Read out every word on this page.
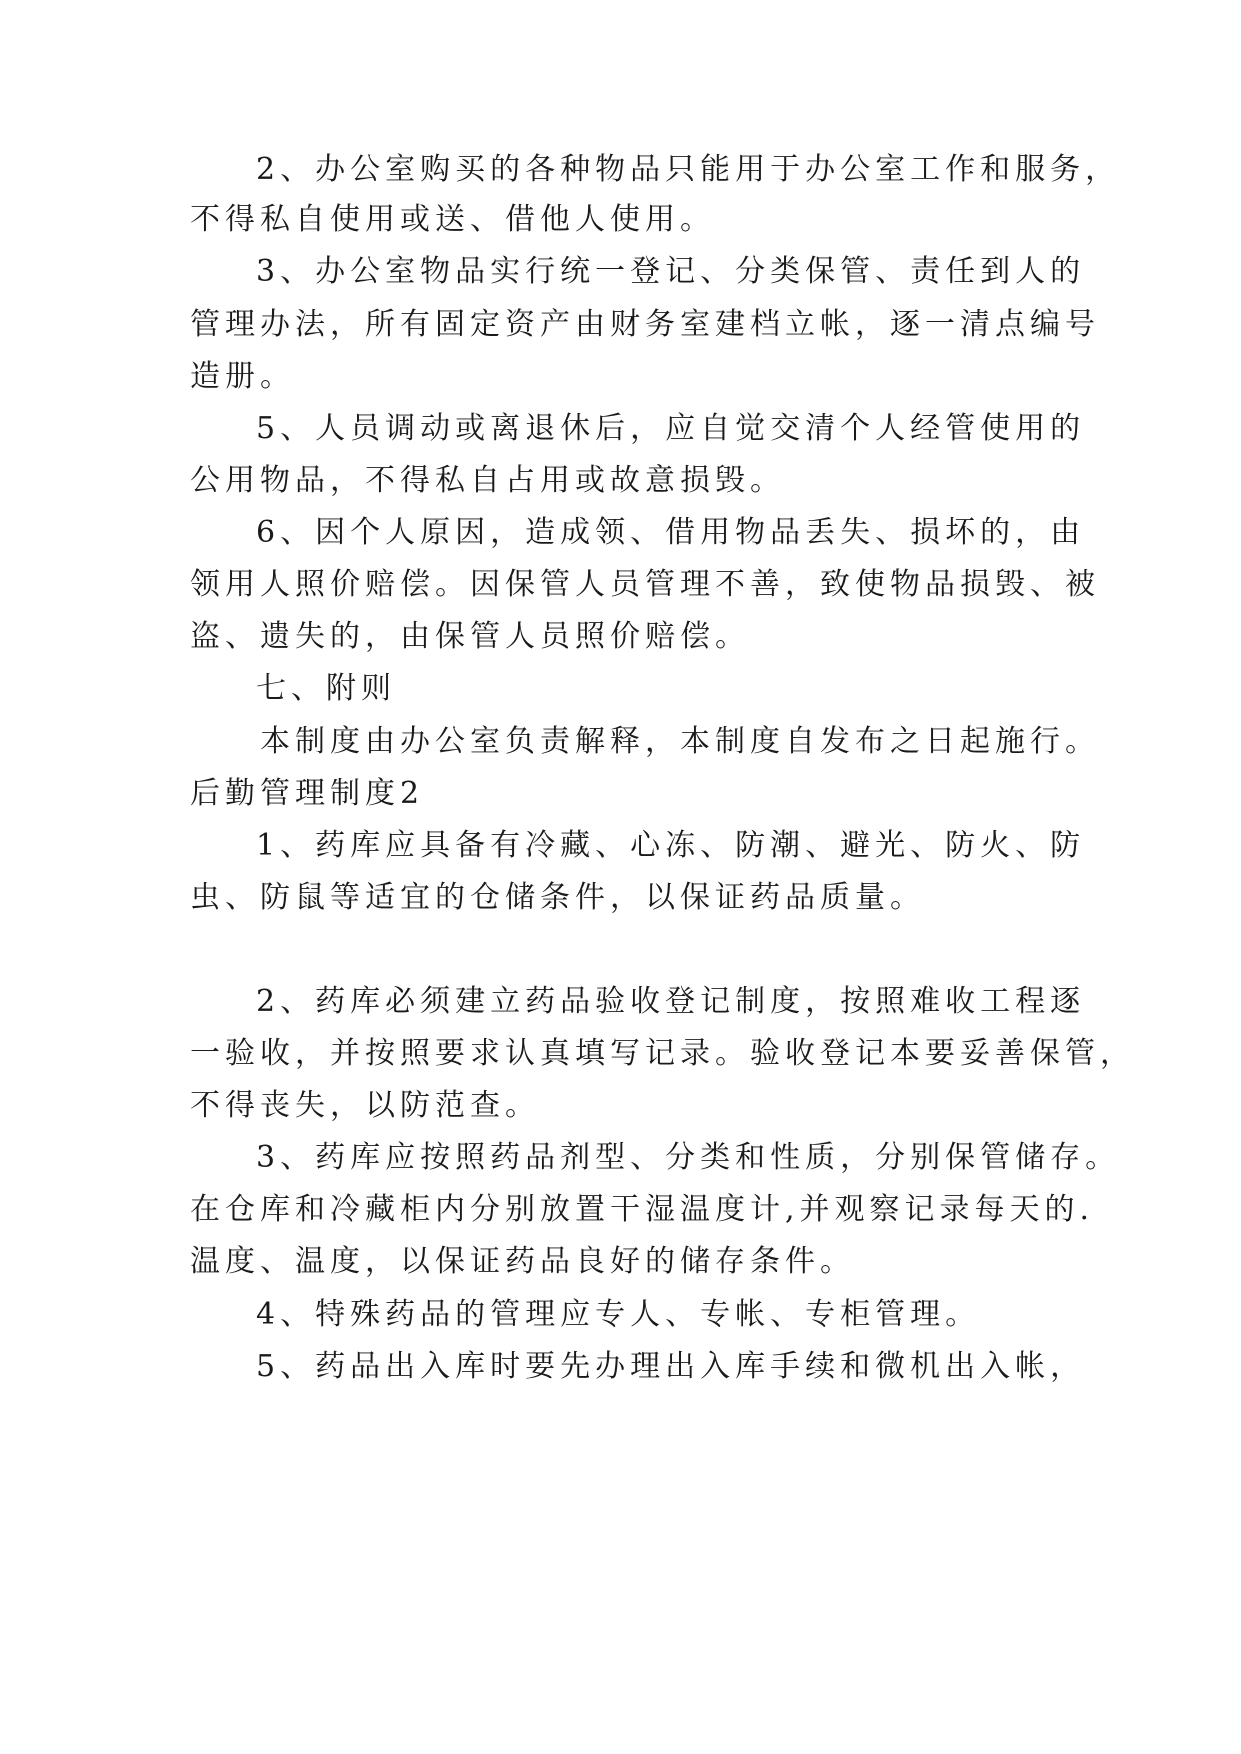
2、办公室购买的各种物品只能用于办公室工作和服务，
不得私自使用或送、借他人使用。
3、办公室物品实行统一登记、分类保管、责任到人的
管理办法，所有固定资产由财务室建档立帐，逐一清点编号
造册。
5、人员调动或离退休后，应自觉交清个人经管使用的
公用物品，不得私自占用或故意损毁。
6、因个人原因，造成领、借用物品丢失、损坏的，由
领用人照价赔偿。因保管人员管理不善，致使物品损毁、被
盗、遗失的，由保管人员照价赔偿。
七、附则
本制度由办公室负责解释，本制度自发布之日起施行。
后勤管理制度2
1、药库应具备有冷藏、心冻、防潮、避光、防火、防
虫、防鼠等适宜的仓储条件，以保证药品质量。
2、药库必须建立药品验收登记制度，按照难收工程逐
一验收，并按照要求认真填写记录。验收登记本要妥善保管，
不得丧失，以防范查。
3、药库应按照药品剂型、分类和性质，分别保管储存。
在仓库和冷藏柜内分别放置干湿温度计,并观察记录每天的.
温度、温度，以保证药品良好的储存条件。
4、特殊药品的管理应专人、专帐、专柜管理。
5、药品出入库时要先办理出入库手续和微机出入帐，
